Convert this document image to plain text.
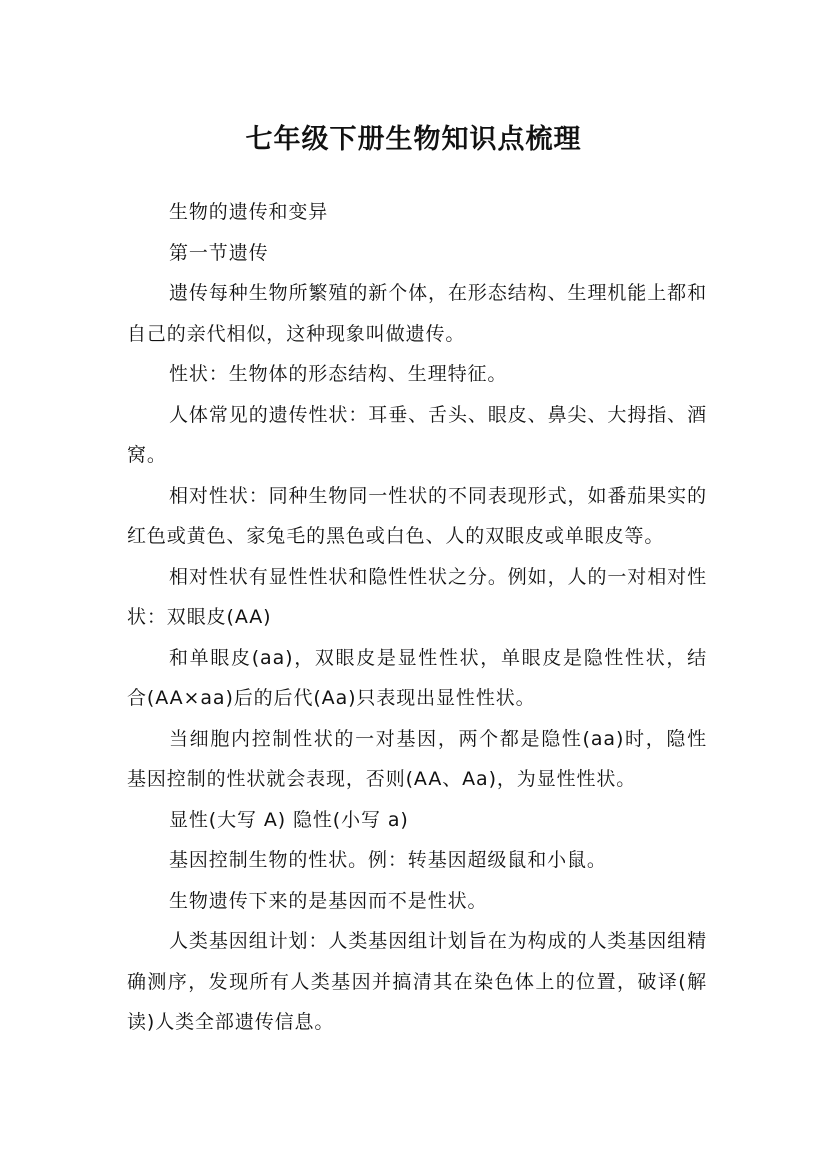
七年级下册生物知识点梳理

生物的遗传和变异

第一节遗传

遗传每种生物所繁殖的新个体，在形态结构、生理机能上都和自己的亲代相似，这种现象叫做遗传。

性状：生物体的形态结构、生理特征。

人体常见的遗传性状：耳垂、舌头、眼皮、鼻尖、大拇指、酒窝。

相对性状：同种生物同一性状的不同表现形式，如番茄果实的红色或黄色、家兔毛的黑色或白色、人的双眼皮或单眼皮等。

相对性状有显性性状和隐性性状之分。例如，人的一对相对性状：双眼皮(AA)

和单眼皮(aa)，双眼皮是显性性状，单眼皮是隐性性状，结合(AA×aa)后的后代(Aa)只表现出显性性状。

当细胞内控制性状的一对基因，两个都是隐性(aa)时，隐性基因控制的性状就会表现，否则(AA、Aa)，为显性性状。

显性(大写 A) 隐性(小写 a)

基因控制生物的性状。例：转基因超级鼠和小鼠。

生物遗传下来的是基因而不是性状。

人类基因组计划：人类基因组计划旨在为构成的人类基因组精确测序，发现所有人类基因并搞清其在染色体上的位置，破译(解读)人类全部遗传信息。
